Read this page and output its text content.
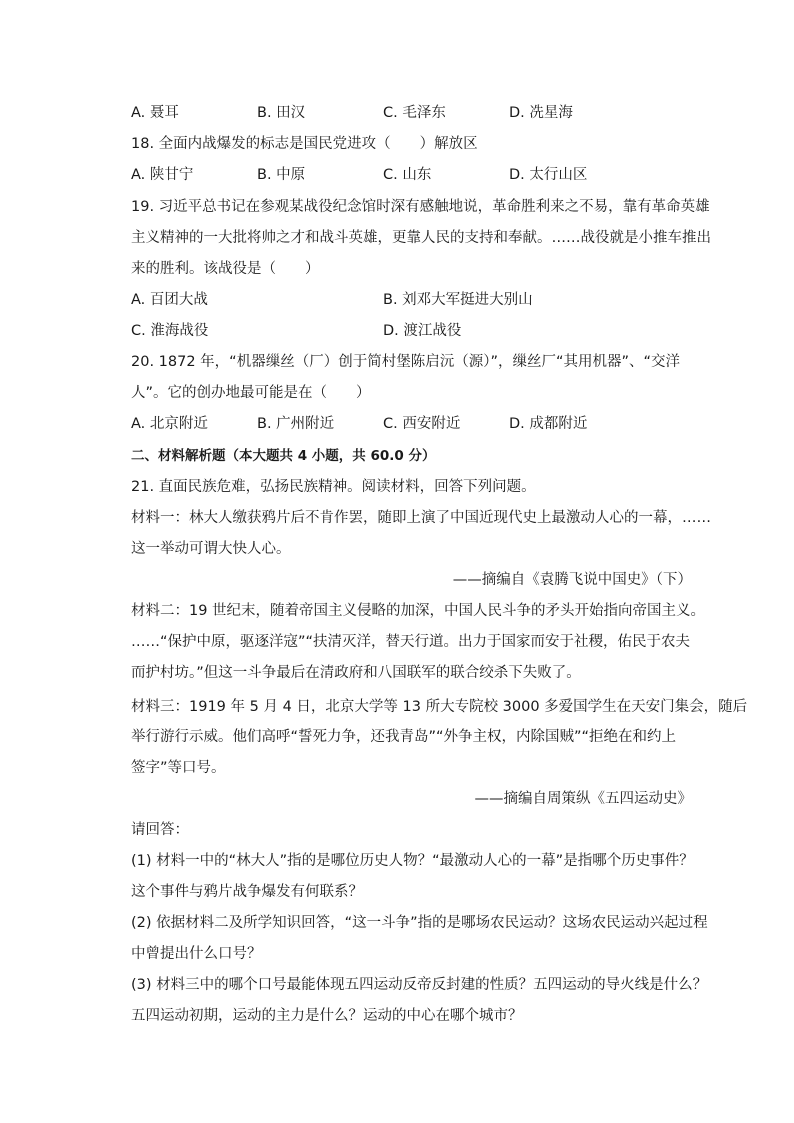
A. 聂耳	B. 田汉	C. 毛泽东	D. 冼星海
18. 全面内战爆发的标志是国民党进攻（　　）解放区
A. 陕甘宁	B. 中原	C. 山东	D. 太行山区
19. 习近平总书记在参观某战役纪念馆时深有感触地说，革命胜利来之不易，靠有革命英雄
主义精神的一大批将帅之才和战斗英雄，更靠人民的支持和奉献。……战役就是小推车推出
来的胜利。该战役是（　　）
A. 百团大战	B. 刘邓大军挺进大别山
C. 淮海战役	D. 渡江战役
20. 1872 年，“机器缫丝（厂）创于简村堡陈启沅（源）”，缫丝厂“其用机器”、“交洋
人”。它的创办地最可能是在（　　）
A. 北京附近	B. 广州附近	C. 西安附近	D. 成都附近
二、材料解析题（本大题共 4 小题，共 60.0 分）
21. 直面民族危难，弘扬民族精神。阅读材料，回答下列问题。
材料一：林大人缴获鸦片后不肯作罢，随即上演了中国近现代史上最激动人心的一幕，……
这一举动可谓大快人心。
——摘编自《袁腾飞说中国史》（下）
材料二：19 世纪末，随着帝国主义侵略的加深，中国人民斗争的矛头开始指向帝国主义。
……“保护中原，驱逐洋寇”“扶清灭洋，替天行道。出力于国家而安于社稷，佑民于农夫
而护村坊。”但这一斗争最后在清政府和八国联军的联合绞杀下失败了。
材料三：1919 年 5 月 4 日，北京大学等 13 所大专院校 3000 多爱国学生在天安门集会，随后
举行游行示威。他们高呼“誓死力争，还我青岛”“外争主权，内除国贼”“拒绝在和约上
签字”等口号。
——摘编自周策纵《五四运动史》
请回答：
(1) 材料一中的“林大人”指的是哪位历史人物？“最激动人心的一幕”是指哪个历史事件？
这个事件与鸦片战争爆发有何联系？
(2) 依据材料二及所学知识回答，“这一斗争”指的是哪场农民运动？这场农民运动兴起过程
中曾提出什么口号？
(3) 材料三中的哪个口号最能体现五四运动反帝反封建的性质？五四运动的导火线是什么？
五四运动初期，运动的主力是什么？运动的中心在哪个城市？
